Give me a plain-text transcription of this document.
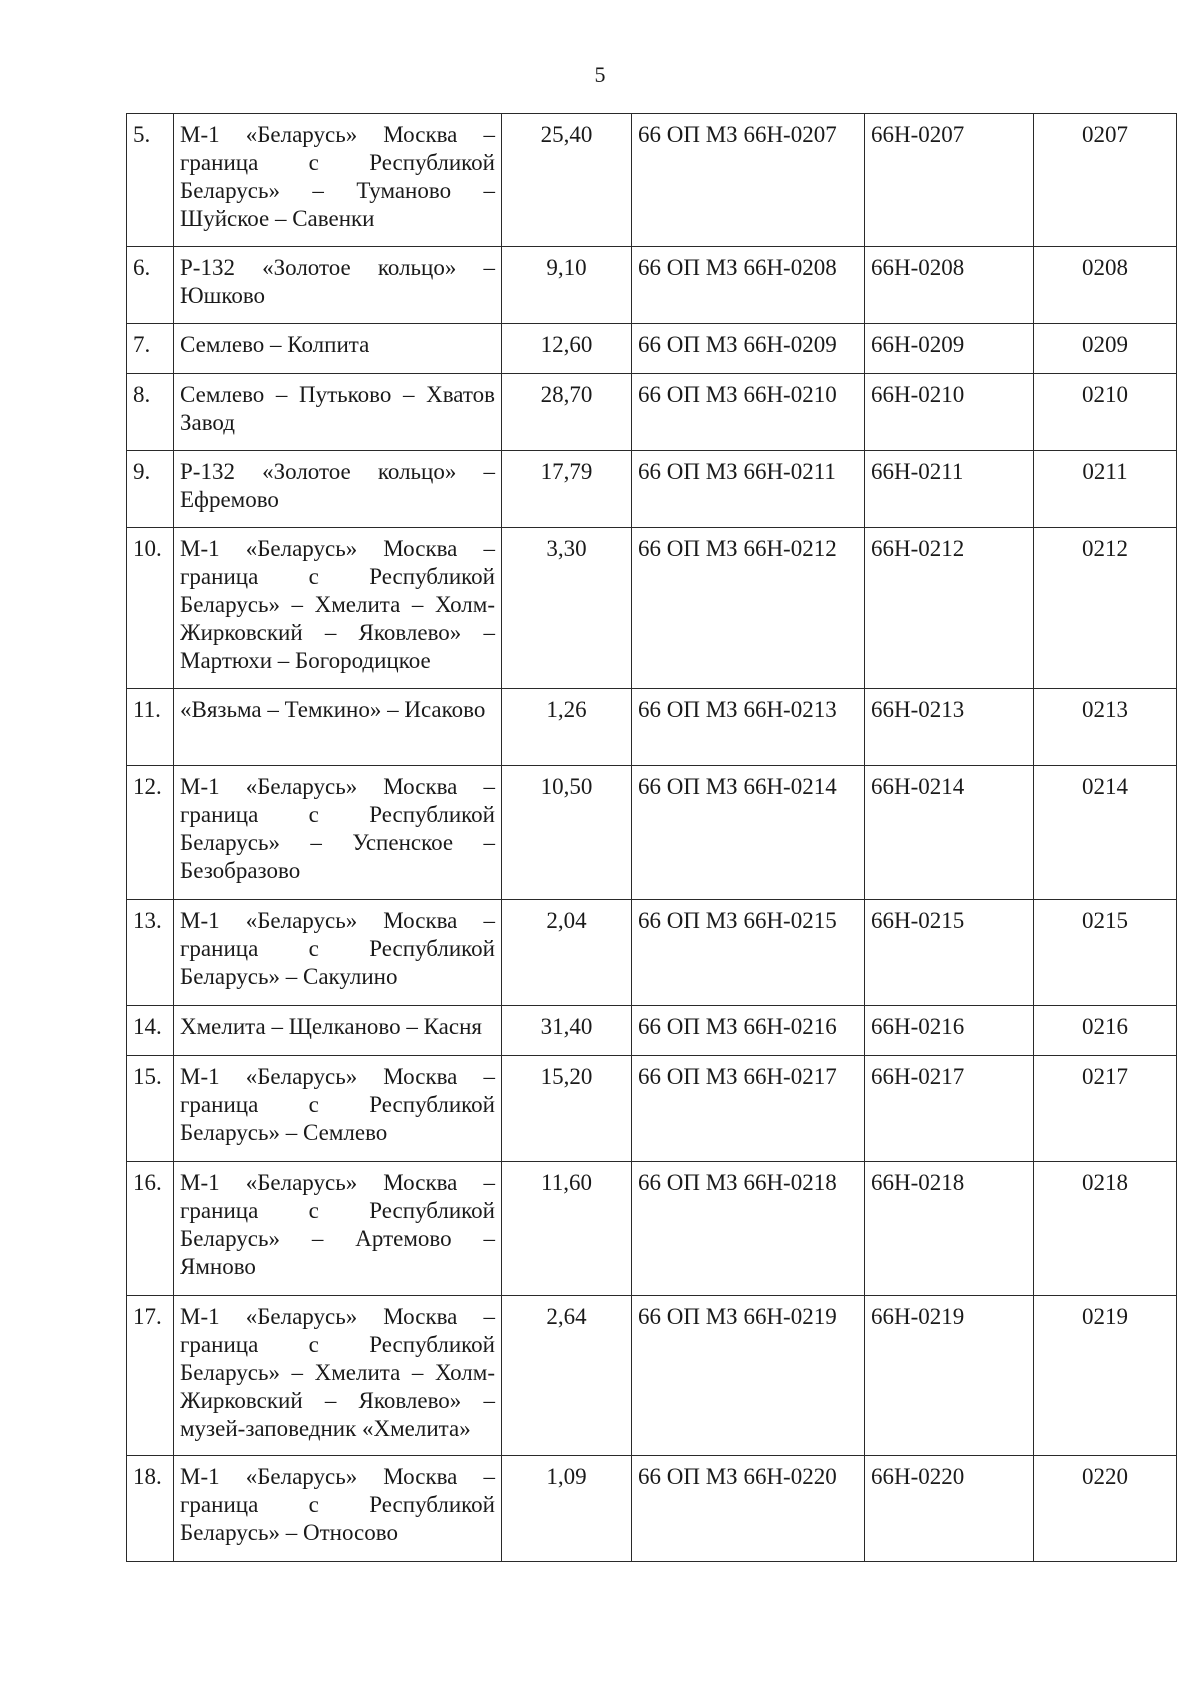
5
5.	М-1 «Беларусь» Москва – граница с Республикой Беларусь» – Туманово – Шуйское – Савенки	25,40	66 ОП МЗ 66Н-0207	66Н-0207	0207
6.	Р-132 «Золотое кольцо» – Юшково	9,10	66 ОП МЗ 66Н-0208	66Н-0208	0208
7.	Семлево – Колпита	12,60	66 ОП МЗ 66Н-0209	66Н-0209	0209
8.	Семлево – Путьково – Хватов Завод	28,70	66 ОП МЗ 66Н-0210	66Н-0210	0210
9.	Р-132 «Золотое кольцо» – Ефремово	17,79	66 ОП МЗ 66Н-0211	66Н-0211	0211
10.	М-1 «Беларусь» Москва – граница с Республикой Беларусь» – Хмелита – Холм-Жирковский – Яковлево» – Мартюхи – Богородицкое	3,30	66 ОП МЗ 66Н-0212	66Н-0212	0212
11.	«Вязьма – Темкино» – Исаково	1,26	66 ОП МЗ 66Н-0213	66Н-0213	0213
12.	М-1 «Беларусь» Москва – граница с Республикой Беларусь» – Успенское – Безобразово	10,50	66 ОП МЗ 66Н-0214	66Н-0214	0214
13.	М-1 «Беларусь» Москва – граница с Республикой Беларусь» – Сакулино	2,04	66 ОП МЗ 66Н-0215	66Н-0215	0215
14.	Хмелита – Щелканово – Касня	31,40	66 ОП МЗ 66Н-0216	66Н-0216	0216
15.	М-1 «Беларусь» Москва – граница с Республикой Беларусь» – Семлево	15,20	66 ОП МЗ 66Н-0217	66Н-0217	0217
16.	М-1 «Беларусь» Москва – граница с Республикой Беларусь» – Артемово – Ямново	11,60	66 ОП МЗ 66Н-0218	66Н-0218	0218
17.	М-1 «Беларусь» Москва – граница с Республикой Беларусь» – Хмелита – Холм-Жирковский – Яковлево» – музей-заповедник «Хмелита»	2,64	66 ОП МЗ 66Н-0219	66Н-0219	0219
18.	М-1 «Беларусь» Москва – граница с Республикой Беларусь» – Относово	1,09	66 ОП МЗ 66Н-0220	66Н-0220	0220
